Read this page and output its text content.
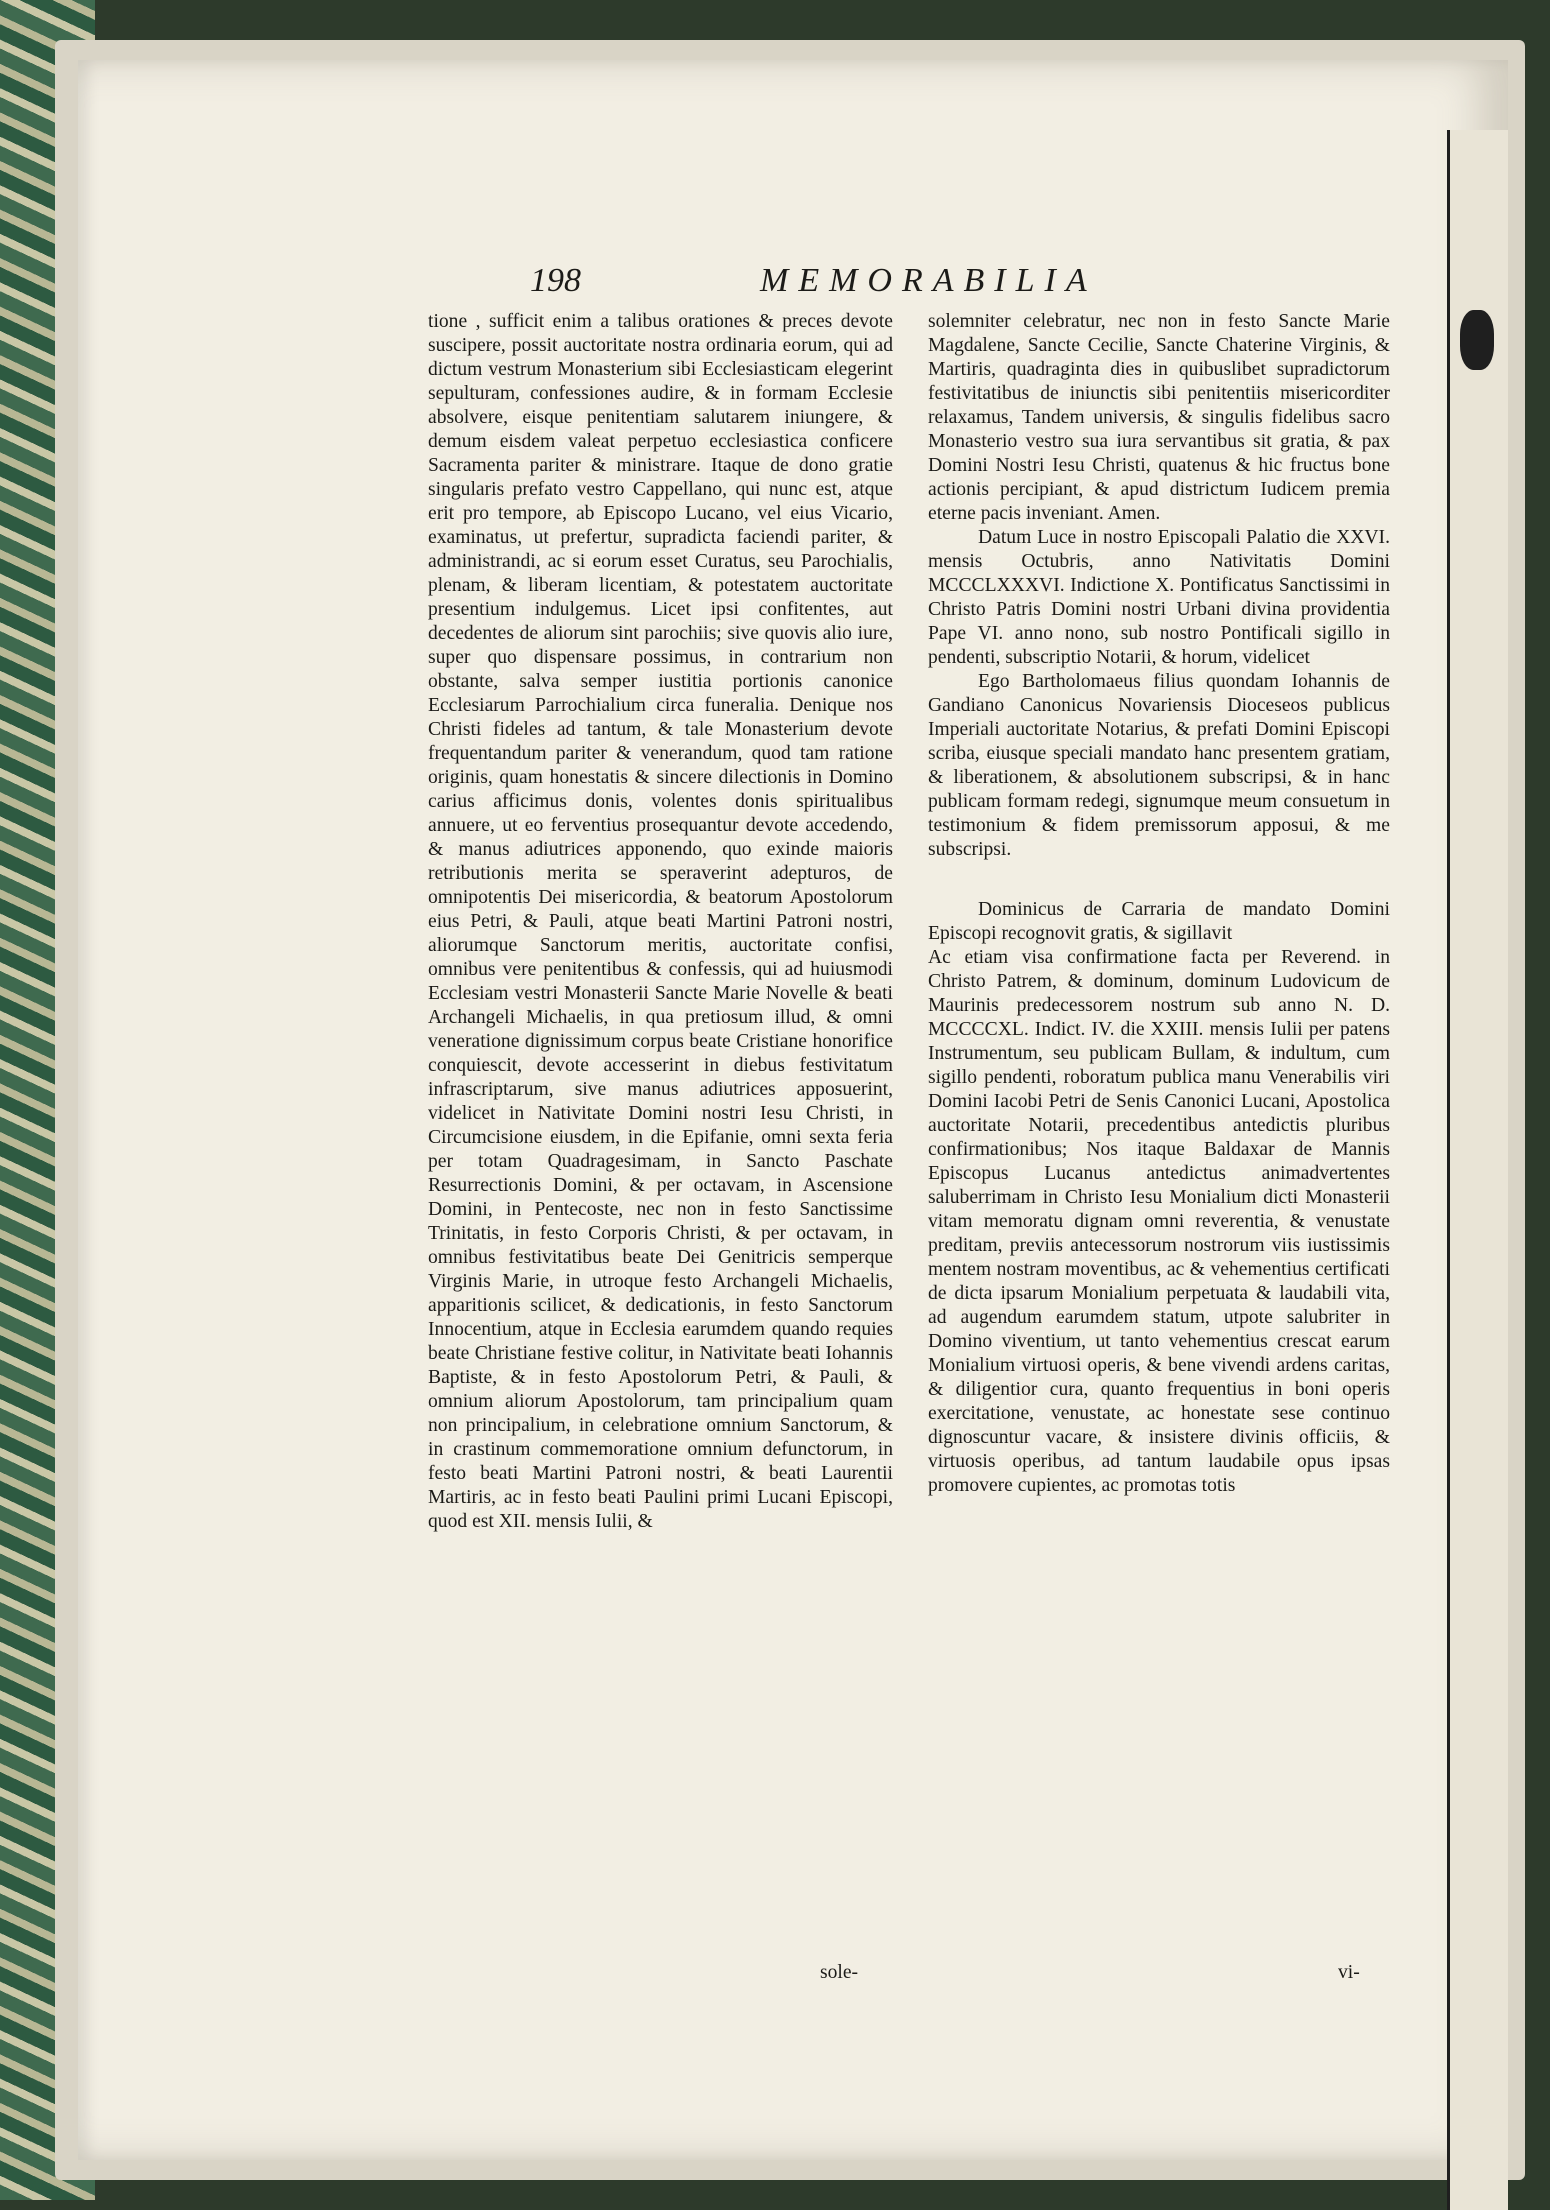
198	MEMORABILIA

tione , sufficit enim a talibus orationes & preces devote suscipere, possit auctoritate nostra ordinaria eorum, qui ad dictum vestrum Monasterium sibi Ecclesiasticam elegerint sepulturam, confessiones audire, & in formam Ecclesie absolvere, eisque penitentiam salutarem iniungere, & demum eisdem valeat perpetuo ecclesiastica conficere Sacramenta pariter & ministrare. Itaque de dono gratie singularis prefato vestro Cappellano, qui nunc est, atque erit pro tempore, ab Episcopo Lucano, vel eius Vicario, examinatus, ut prefertur, supradicta faciendi pariter, & administrandi, ac si eorum esset Curatus, seu Parochialis, plenam, & liberam licentiam, & potestatem auctoritate presentium indulgemus. Licet ipsi confitentes, aut decedentes de aliorum sint parochiis; sive quovis alio iure, super quo dispensare possimus, in contrarium non obstante, salva semper iustitia portionis canonice Ecclesiarum Parrochialium circa funeralia. Denique nos Christi fideles ad tantum, & tale Monasterium devote frequentandum pariter & venerandum, quod tam ratione originis, quam honestatis & sincere dilectionis in Domino carius afficimus donis, volentes donis spiritualibus annuere, ut eo ferventius prosequantur devote accedendo, & manus adiutrices apponendo, quo exinde maioris retributionis merita se speraverint adepturos, de omnipotentis Dei misericordia, & beatorum Apostolorum eius Petri, & Pauli, atque beati Martini Patroni nostri, aliorumque Sanctorum meritis, auctoritate confisi, omnibus vere penitentibus & confessis, qui ad huiusmodi Ecclesiam vestri Monasterii Sancte Marie Novelle & beati Archangeli Michaelis, in qua pretiosum illud, & omni veneratione dignissimum corpus beate Cristiane honorifice conquiescit, devote accesserint in diebus festivitatum infrascriptarum, sive manus adiutrices apposuerint, videlicet in Nativitate Domini nostri Iesu Christi, in Circumcisione eiusdem, in die Epifanie, omni sexta feria per totam Quadragesimam, in Sancto Paschate Resurrectionis Domini, & per octavam, in Ascensione Domini, in Pentecoste, nec non in festo Sanctissime Trinitatis, in festo Corporis Christi, & per octavam, in omnibus festivitatibus beate Dei Genitricis semperque Virginis Marie, in utroque festo Archangeli Michaelis, apparitionis scilicet, & dedicationis, in festo Sanctorum Innocentium, atque in Ecclesia earumdem quando requies beate Christiane festive colitur, in Nativitate beati Iohannis Baptiste, & in festo Apostolorum Petri, & Pauli, & omnium aliorum Apostolorum, tam principalium quam non principalium, in celebratione omnium Sanctorum, & in crastinum commemoratione omnium defunctorum, in festo beati Martini Patroni nostri, & beati Laurentii Martiris, ac in festo beati Paulini primi Lucani Episcopi, quod est XII. mensis Iulii, &

sole-

solemniter celebratur, nec non in festo Sancte Marie Magdalene, Sancte Cecilie, Sancte Chaterine Virginis, & Martiris, quadraginta dies in quibuslibet supradictorum festivitatibus de iniunctis sibi penitentiis misericorditer relaxamus, Tandem universis, & singulis fidelibus sacro Monasterio vestro sua iura servantibus sit gratia, & pax Domini Nostri Iesu Christi, quatenus & hic fructus bone actionis percipiant, & apud districtum Iudicem premia eterne pacis inveniant. Amen.

Datum Luce in nostro Episcopali Palatio die XXVI. mensis Octubris, anno Nativitatis Domini MCCCLXXXVI. Indictione X. Pontificatus Sanctissimi in Christo Patris Domini nostri Urbani divina providentia Pape VI. anno nono, sub nostro Pontificali sigillo in pendenti, subscriptio Notarii, & horum, videlicet

Ego Bartholomaeus filius quondam Iohannis de Gandiano Canonicus Novariensis Dioceseos publicus Imperiali auctoritate Notarius, & prefati Domini Episcopi scriba, eiusque speciali mandato hanc presentem gratiam, & liberationem, & absolutionem subscripsi, & in hanc publicam formam redegi, signumque meum consuetum in testimonium & fidem premissorum apposui, & me subscripsi.

Dominicus de Carraria de mandato Domini Episcopi recognovit gratis, & sigillavit

Ac etiam visa confirmatione facta per Reverend. in Christo Patrem, & dominum, dominum Ludovicum de Maurinis predecessorem nostrum sub anno N. D. MCCCCXL. Indict. IV. die XXIII. mensis Iulii per patens Instrumentum, seu publicam Bullam, & indultum, cum sigillo pendenti, roboratum publica manu Venerabilis viri Domini Iacobi Petri de Senis Canonici Lucani, Apostolica auctoritate Notarii, precedentibus antedictis pluribus confirmationibus; Nos itaque Baldaxar de Mannis Episcopus Lucanus antedictus animadvertentes saluberrimam in Christo Iesu Monialium dicti Monasterii vitam memoratu dignam omni reverentia, & venustate preditam, previis antecessorum nostrorum viis iustissimis mentem nostram moventibus, ac & vehementius certificati de dicta ipsarum Monialium perpetuata & laudabili vita, ad augendum earumdem statum, utpote salubriter in Domino viventium, ut tanto vehementius crescat earum Monialium virtuosi operis, & bene vivendi ardens caritas, & diligentior cura, quanto frequentius in boni operis exercitatione, venustate, ac honestate sese continuo dignoscuntur vacare, & insistere divinis officiis, & virtuosis operibus, ad tantum laudabile opus ipsas promovere cupientes, ac promotas totis

vi-
